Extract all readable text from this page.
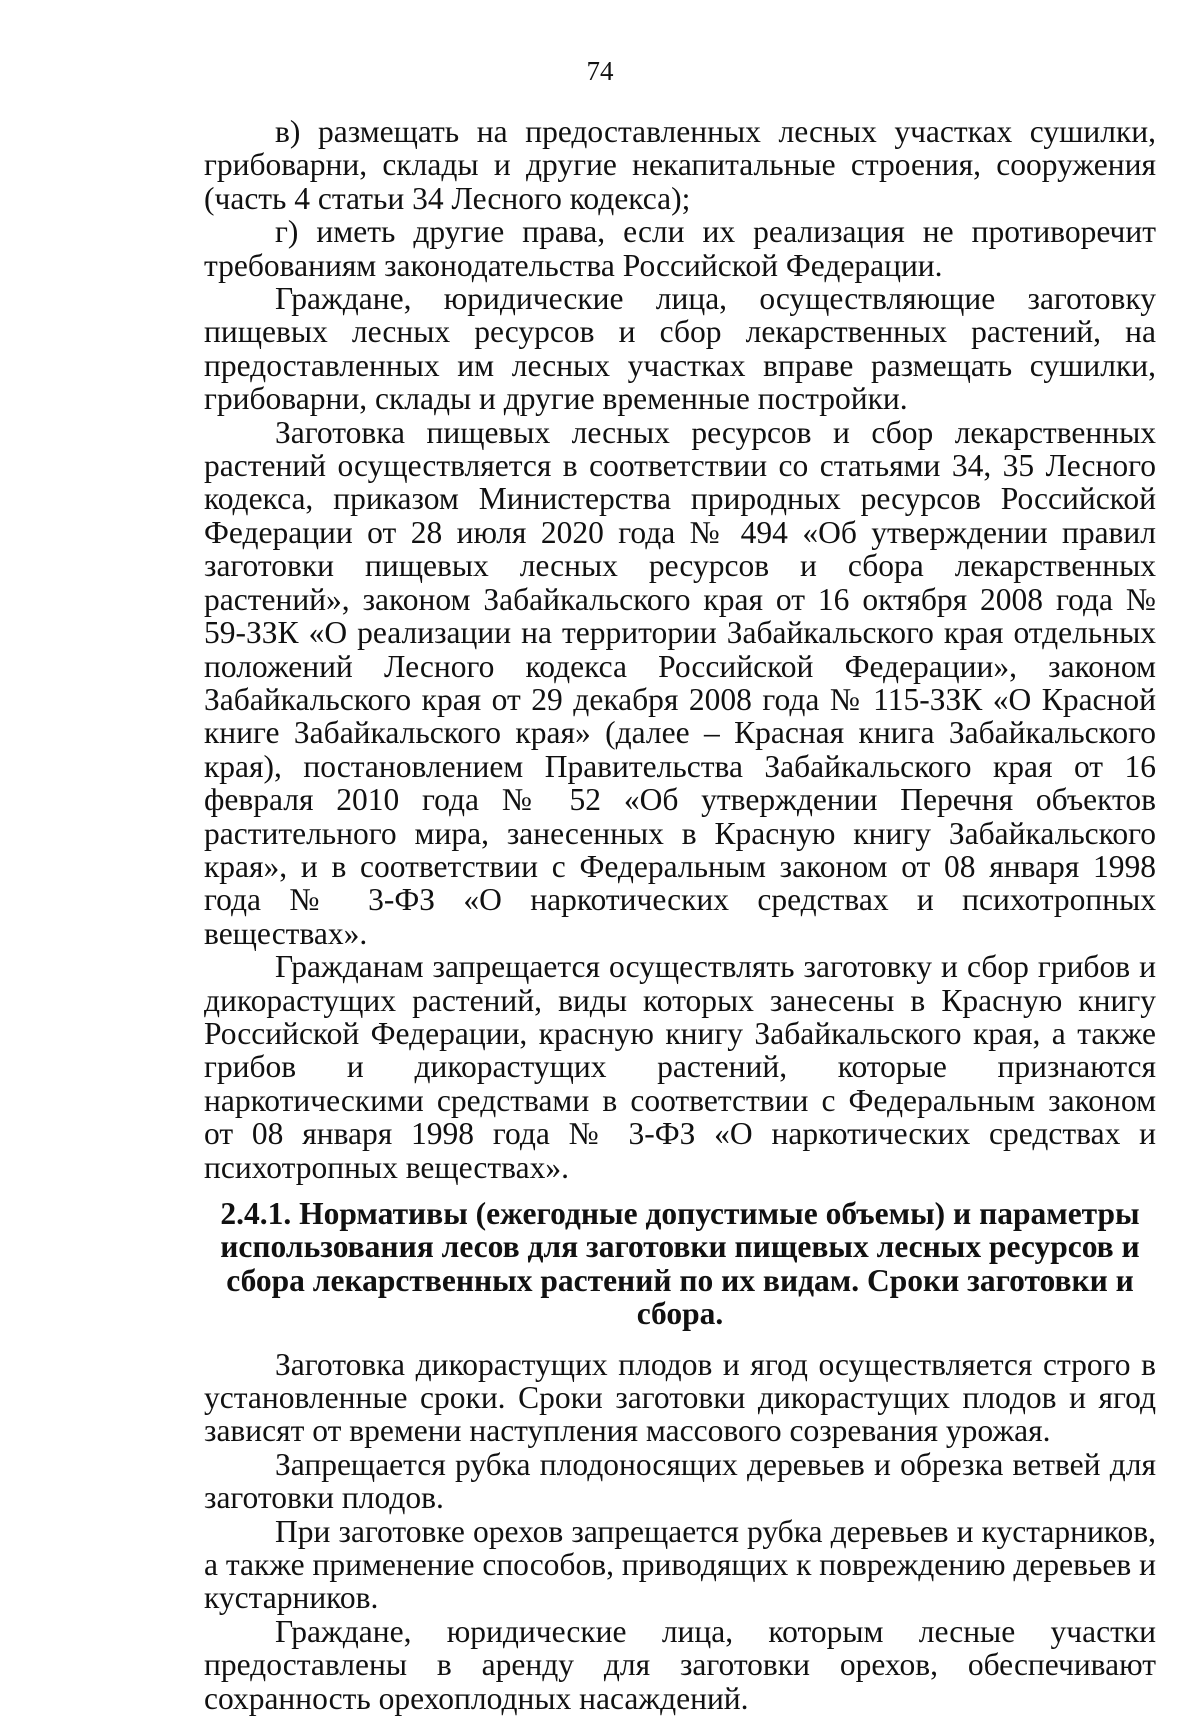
74

в) размещать на предоставленных лесных участках сушилки, грибоварни, склады и другие некапитальные строения, сооружения (часть 4 статьи 34 Лесного кодекса);

г) иметь другие права, если их реализация не противоречит требованиям законодательства Российской Федерации.

Граждане, юридические лица, осуществляющие заготовку пищевых лесных ресурсов и сбор лекарственных растений, на предоставленных им лесных участках вправе размещать сушилки, грибоварни, склады и другие временные постройки.

Заготовка пищевых лесных ресурсов и сбор лекарственных растений осуществляется в соответствии со статьями 34, 35 Лесного кодекса, приказом Министерства природных ресурсов Российской Федерации от 28 июля 2020 года № 494 «Об утверждении правил заготовки пищевых лесных ресурсов и сбора лекарственных растений», законом Забайкальского края от 16 октября 2008 года № 59-ЗЗК «О реализации на территории Забайкальского края отдельных положений Лесного кодекса Российской Федерации», законом Забайкальского края от 29 декабря 2008 года № 115-ЗЗК «О Красной книге Забайкальского края» (далее – Красная книга Забайкальского края), постановлением Правительства Забайкальского края от 16 февраля 2010 года № 52 «Об утверждении Перечня объектов растительного мира, занесенных в Красную книгу Забайкальского края», и в соответствии с Федеральным законом от 08 января 1998 года № 3-ФЗ «О наркотических средствах и психотропных веществах».

Гражданам запрещается осуществлять заготовку и сбор грибов и дикорастущих растений, виды которых занесены в Красную книгу Российской Федерации, красную книгу Забайкальского края, а также грибов и дикорастущих растений, которые признаются наркотическими средствами в соответствии с Федеральным законом от 08 января 1998 года № 3-ФЗ «О наркотических средствах и психотропных веществах».

2.4.1. Нормативы (ежегодные допустимые объемы) и параметры использования лесов для заготовки пищевых лесных ресурсов и сбора лекарственных растений по их видам. Сроки заготовки и сбора.

Заготовка дикорастущих плодов и ягод осуществляется строго в установленные сроки. Сроки заготовки дикорастущих плодов и ягод зависят от времени наступления массового созревания урожая.

Запрещается рубка плодоносящих деревьев и обрезка ветвей для заготовки плодов.

При заготовке орехов запрещается рубка деревьев и кустарников, а также применение способов, приводящих к повреждению деревьев и кустарников.

Граждане, юридические лица, которым лесные участки предоставлены в аренду для заготовки орехов, обеспечивают сохранность орехоплодных насаждений.
